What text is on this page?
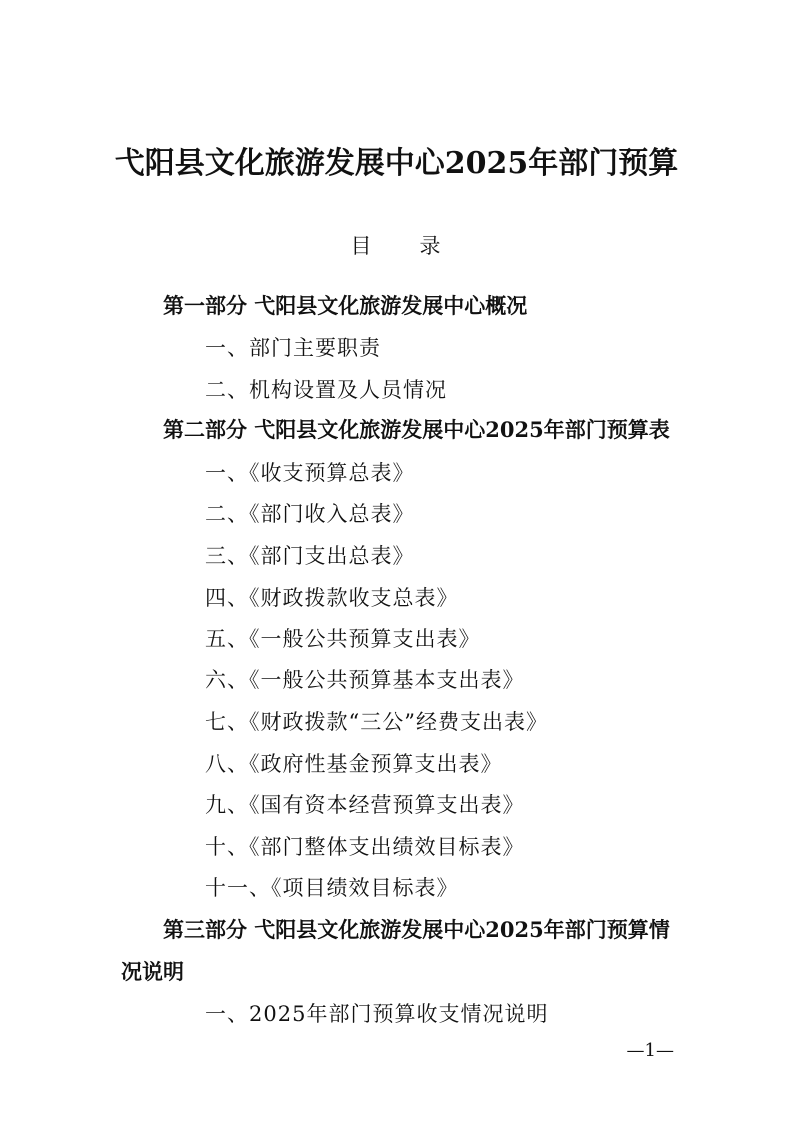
弋阳县文化旅游发展中心2025年部门预算
目　　录
第一部分 弋阳县文化旅游发展中心概况
一、部门主要职责
二、机构设置及人员情况
第二部分 弋阳县文化旅游发展中心2025年部门预算表
一、《收支预算总表》
二、《部门收入总表》
三、《部门支出总表》
四、《财政拨款收支总表》
五、《一般公共预算支出表》
六、《一般公共预算基本支出表》
七、《财政拨款“三公”经费支出表》
八、《政府性基金预算支出表》
九、《国有资本经营预算支出表》
十、《部门整体支出绩效目标表》
十一、《项目绩效目标表》
第三部分 弋阳县文化旅游发展中心2025年部门预算情
况说明
一、2025年部门预算收支情况说明
—1—
